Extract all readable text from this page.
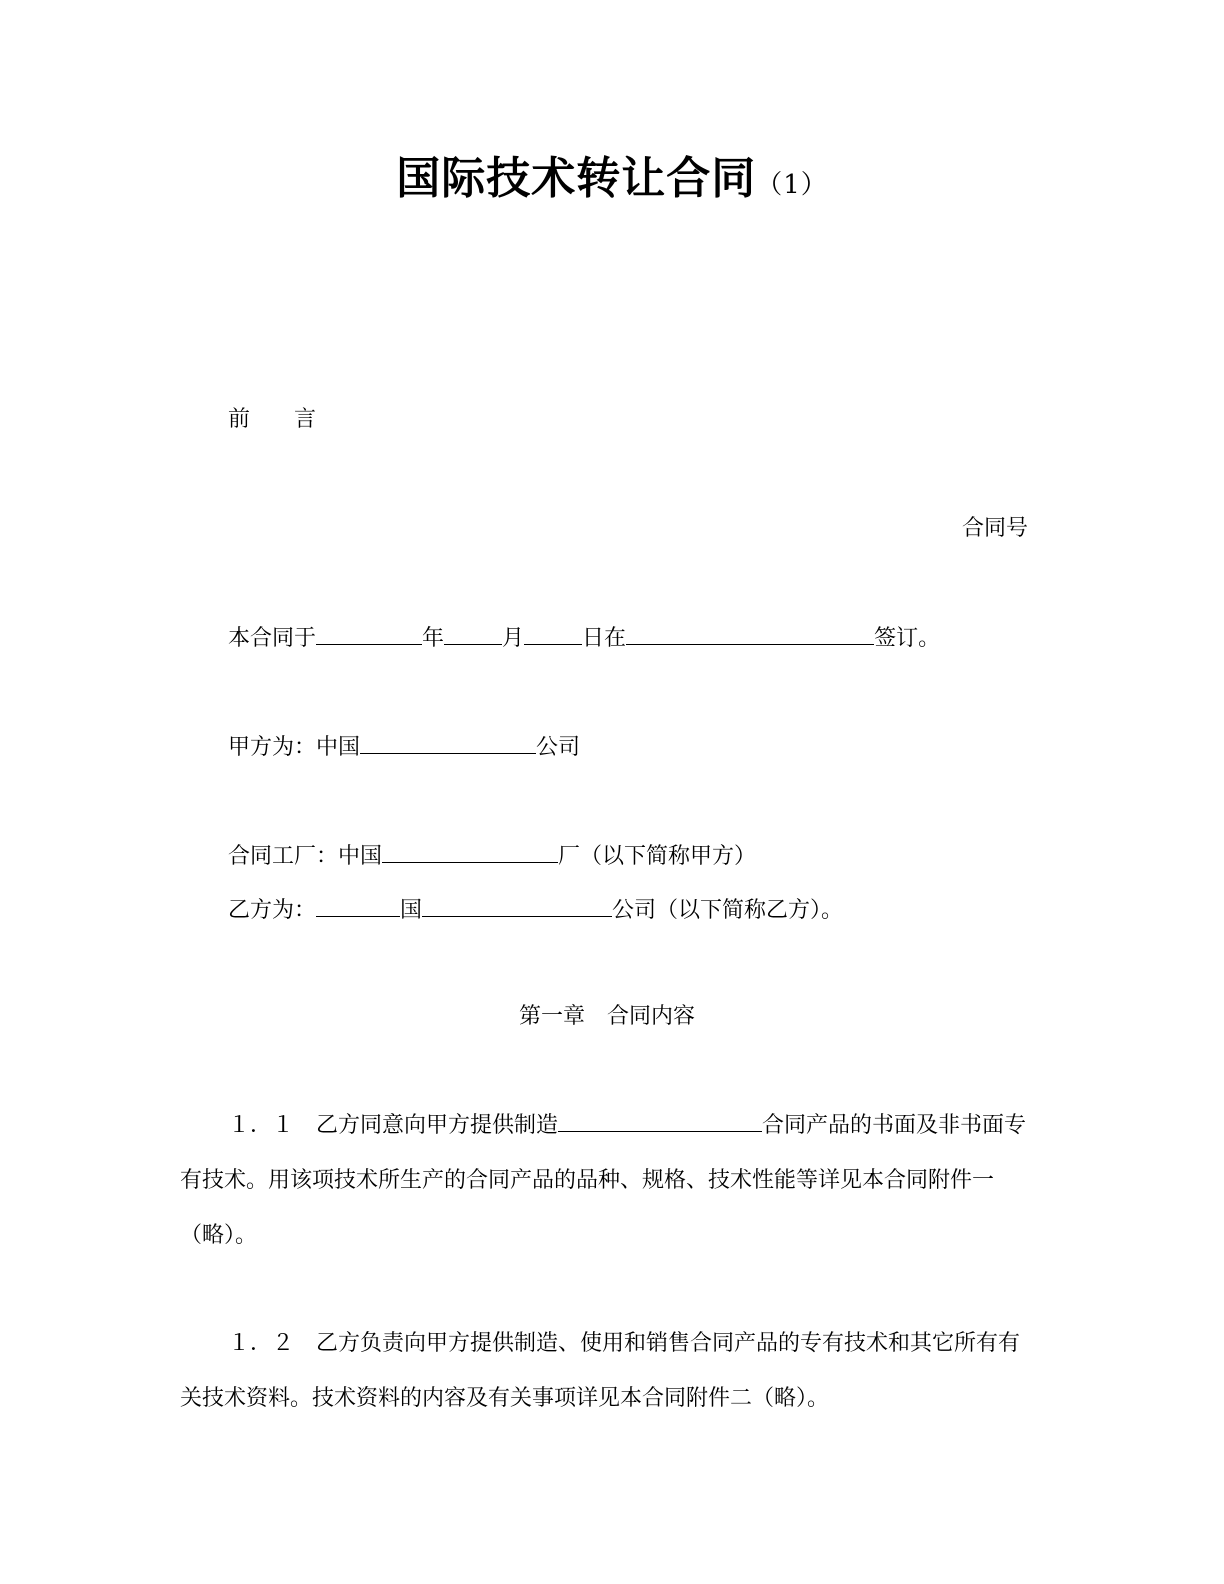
国际技术转让合同（1）
前　　言
合同号
本合同于	年	月	日在	签订。
甲方为：中国	公司
合同工厂：中国	厂（以下简称甲方）
乙方为：	国	公司（以下简称乙方）。
第一章　合同内容
１．１　 乙方同意向甲方提供制造	合同产品的书面及非书面专有技术。用该项技术所生产的合同产品的品种、规格、技术性能等详见本合同附件一（略）。
１．２　 乙方负责向甲方提供制造、使用和销售合同产品的专有技术和其它所有有关技术资料。技术资料的内容及有关事项详见本合同附件二（略）。
